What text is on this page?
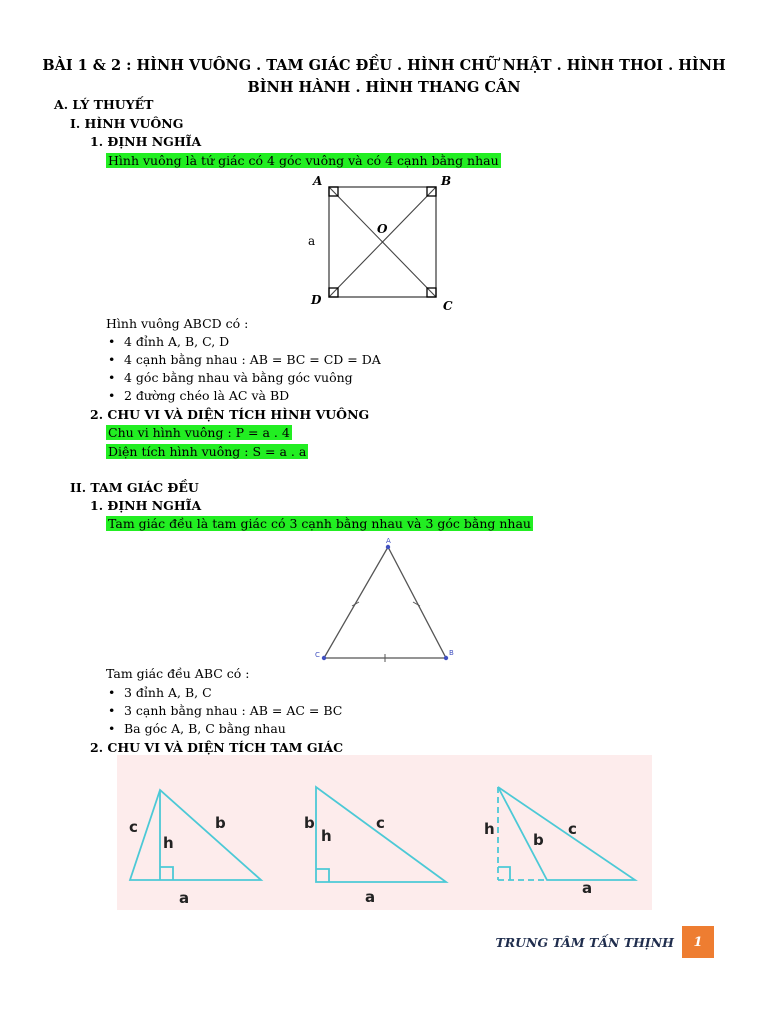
BÀI 1 & 2 : HÌNH VUÔNG . TAM GIÁC ĐỀU . HÌNH CHỮ NHẬT . HÌNH THOI . HÌNH BÌNH HÀNH . HÌNH THANG CÂN
A. LÝ THUYẾT
I. HÌNH VUÔNG
1. ĐỊNH NGHĨA
Hình vuông là tứ giác có 4 góc vuông và có 4 cạnh bằng nhau
A	B
C
D
O
a
Hình vuông ABCD có :
• 4 đỉnh A, B, C, D
• 4 cạnh bằng nhau : AB = BC = CD = DA
• 4 góc bằng nhau và bằng góc vuông
• 2 đường chéo là AC và BD
2. CHU VI VÀ DIỆN TÍCH HÌNH VUÔNG
Chu vi hình vuông : P = a . 4
Diện tích hình vuông : S = a . a
II. TAM GIÁC ĐỀU
1. ĐỊNH NGHĨA
Tam giác đều là tam giác có 3 cạnh bằng nhau và 3 góc bằng nhau
A
C	B
Tam giác đều ABC có :
• 3 đỉnh A, B, C
• 3 cạnh bằng nhau : AB = AC = BC
• Ba góc A, B, C bằng nhau
2. CHU VI VÀ DIỆN TÍCH TAM GIÁC
c
h
b
a
b
h
c
a
h
b
c
a
TRUNG TÂM TẤN THỊNH	1
